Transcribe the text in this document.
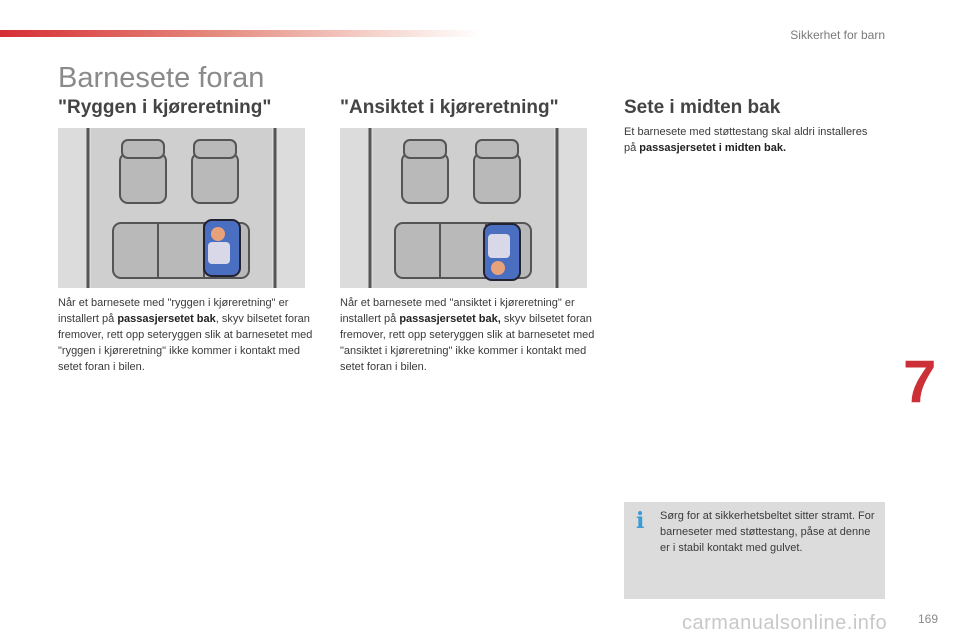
Sikkerhet for barn
Barnesete foran
"Ryggen i kjøreretning"	"Ansiktet i kjøreretning"	Sete i midten bak

Når et barnesete med "ryggen i kjøreretning" er installert på passasjersetet bak, skyv bilsetet foran fremover, rett opp seteryggen slik at barnesetet med "ryggen i kjøreretning" ikke kommer i kontakt med setet foran i bilen.

Når et barnesete med "ansiktet i kjøreretning" er installert på passasjersetet bak, skyv bilsetet foran fremover, rett opp seteryggen slik at barnesetet med "ansiktet i kjøreretning" ikke kommer i kontakt med setet foran i bilen.

Et barnesete med støttestang skal aldri installeres på passasjersetet i midten bak.

7
i Sørg for at sikkerhetsbeltet sitter stramt. For barneseter med støttestang, påse at denne er i stabil kontakt med gulvet.
carmanualsonline.info	169
